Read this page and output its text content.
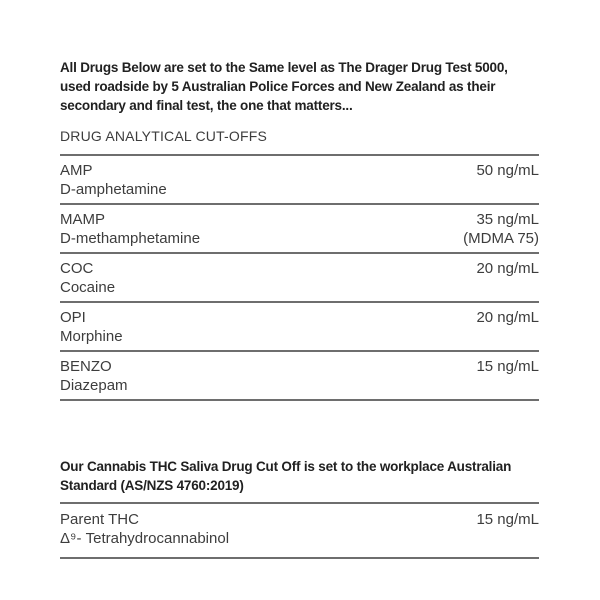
All Drugs Below are set to the Same level as The Drager Drug Test 5000,
used roadside by 5 Australian Police Forces and New Zealand as their
secondary and final test, the one that matters...
DRUG ANALYTICAL CUT-OFFS
AMP
D-amphetamine
50 ng/mL
MAMP
D-methamphetamine
35 ng/mL
(MDMA 75)
COC
Cocaine
20 ng/mL
OPI
Morphine
20 ng/mL
BENZO
Diazepam
15 ng/mL
Our Cannabis THC Saliva Drug Cut Off is set to the workplace Australian
Standard (AS/NZS 4760:2019)
Parent THC
Δ⁹- Tetrahydrocannabinol
15 ng/mL
